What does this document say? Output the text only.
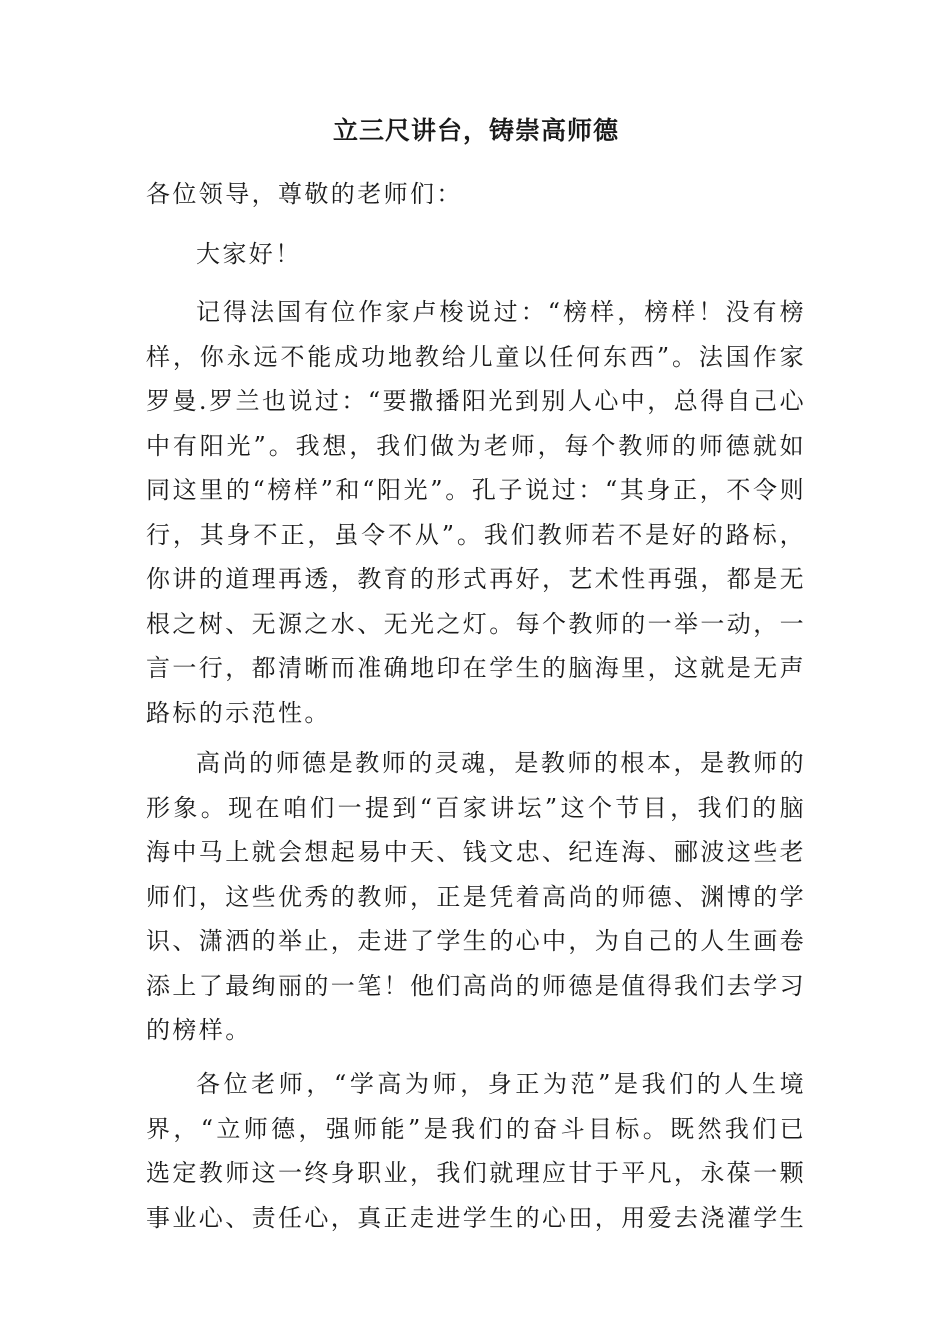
立三尺讲台，铸崇高师德

各位领导，尊敬的老师们：

大家好！

记得法国有位作家卢梭说过：“榜样，榜样！没有榜样，你永远不能成功地教给儿童以任何东西”。法国作家罗曼.罗兰也说过：“要撒播阳光到别人心中，总得自己心中有阳光”。我想，我们做为老师，每个教师的师德就如同这里的“榜样”和“阳光”。孔子说过：“其身正，不令则行，其身不正，虽令不从”。我们教师若不是好的路标，你讲的道理再透，教育的形式再好，艺术性再强，都是无根之树、无源之水、无光之灯。每个教师的一举一动，一言一行，都清晰而准确地印在学生的脑海里，这就是无声路标的示范性。

高尚的师德是教师的灵魂，是教师的根本，是教师的形象。现在咱们一提到“百家讲坛”这个节目，我们的脑海中马上就会想起易中天、钱文忠、纪连海、郦波这些老师们，这些优秀的教师，正是凭着高尚的师德、渊博的学识、潇洒的举止，走进了学生的心中，为自己的人生画卷添上了最绚丽的一笔！他们高尚的师德是值得我们去学习的榜样。

各位老师，“学高为师，身正为范”是我们的人生境界，“立师德，强师能”是我们的奋斗目标。既然我们已选定教师这一终身职业，我们就理应甘于平凡，永葆一颗事业心、责任心，真正走进学生的心田，用爱去浇灌学生
